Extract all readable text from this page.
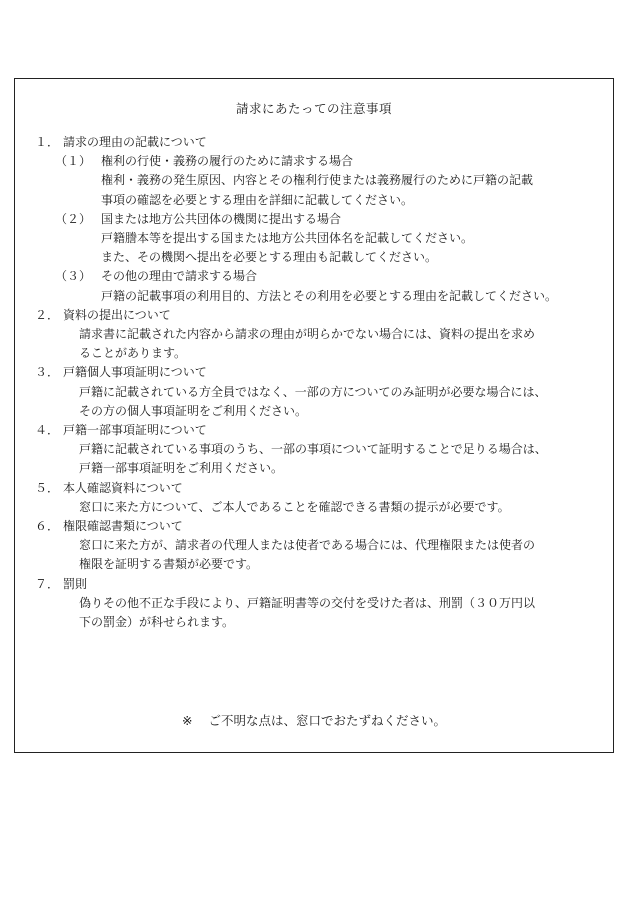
請求にあたっての注意事項
１． 請求の理由の記載について
（１） 権利の行使・義務の履行のために請求する場合
権利・義務の発生原因、内容とその権利行使または義務履行のために戸籍の記載
事項の確認を必要とする理由を詳細に記載してください。
（２） 国または地方公共団体の機関に提出する場合
戸籍謄本等を提出する国または地方公共団体名を記載してください。
また、その機関へ提出を必要とする理由も記載してください。
（３） その他の理由で請求する場合
戸籍の記載事項の利用目的、方法とその利用を必要とする理由を記載してください。
２． 資料の提出について
請求書に記載された内容から請求の理由が明らかでない場合には、資料の提出を求め
ることがあります。
３． 戸籍個人事項証明について
戸籍に記載されている方全員ではなく、一部の方についてのみ証明が必要な場合には、
その方の個人事項証明をご利用ください。
４． 戸籍一部事項証明について
戸籍に記載されている事項のうち、一部の事項について証明することで足りる場合は、
戸籍一部事項証明をご利用ください。
５． 本人確認資料について
窓口に来た方について、ご本人であることを確認できる書類の提示が必要です。
６． 権限確認書類について
窓口に来た方が、請求者の代理人または使者である場合には、代理権限または使者の
権限を証明する書類が必要です。
７． 罰則
偽りその他不正な手段により、戸籍証明書等の交付を受けた者は、刑罰（３０万円以
下の罰金）が科せられます。
※ ご不明な点は、窓口でおたずねください。
